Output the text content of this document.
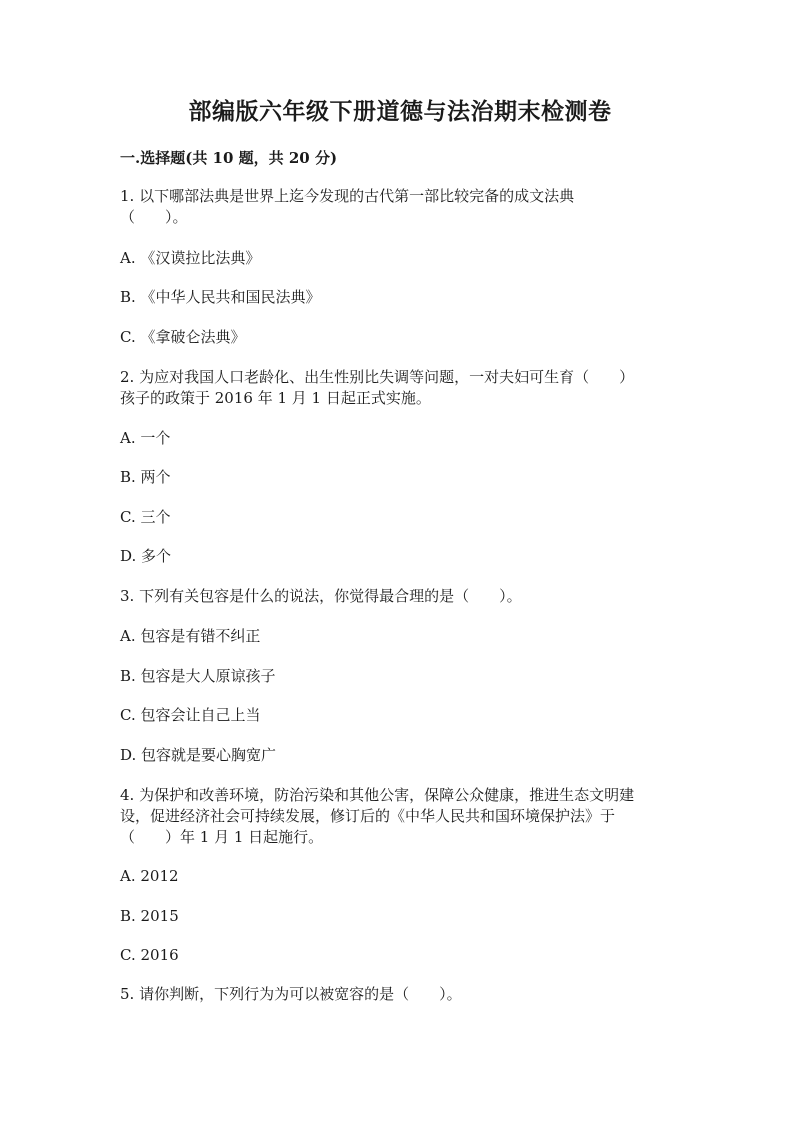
部编版六年级下册道德与法治期末检测卷
一.选择题(共 10 题，共 20 分)
1. 以下哪部法典是世界上迄今发现的古代第一部比较完备的成文法典
（　　）。
A. 《汉谟拉比法典》
B. 《中华人民共和国民法典》
C. 《拿破仑法典》
2. 为应对我国人口老龄化、出生性别比失调等问题，一对夫妇可生育（　　）
孩子的政策于 2016 年 1 月 1 日起正式实施。
A. 一个
B. 两个
C. 三个
D. 多个
3. 下列有关包容是什么的说法，你觉得最合理的是（　　）。
A. 包容是有错不纠正
B. 包容是大人原谅孩子
C. 包容会让自己上当
D. 包容就是要心胸宽广
4. 为保护和改善环境，防治污染和其他公害，保障公众健康，推进生态文明建
设，促进经济社会可持续发展，修订后的《中华人民共和国环境保护法》于
（　　）年 1 月 1 日起施行。
A. 2012
B. 2015
C. 2016
5. 请你判断，下列行为为可以被宽容的是（　　）。
